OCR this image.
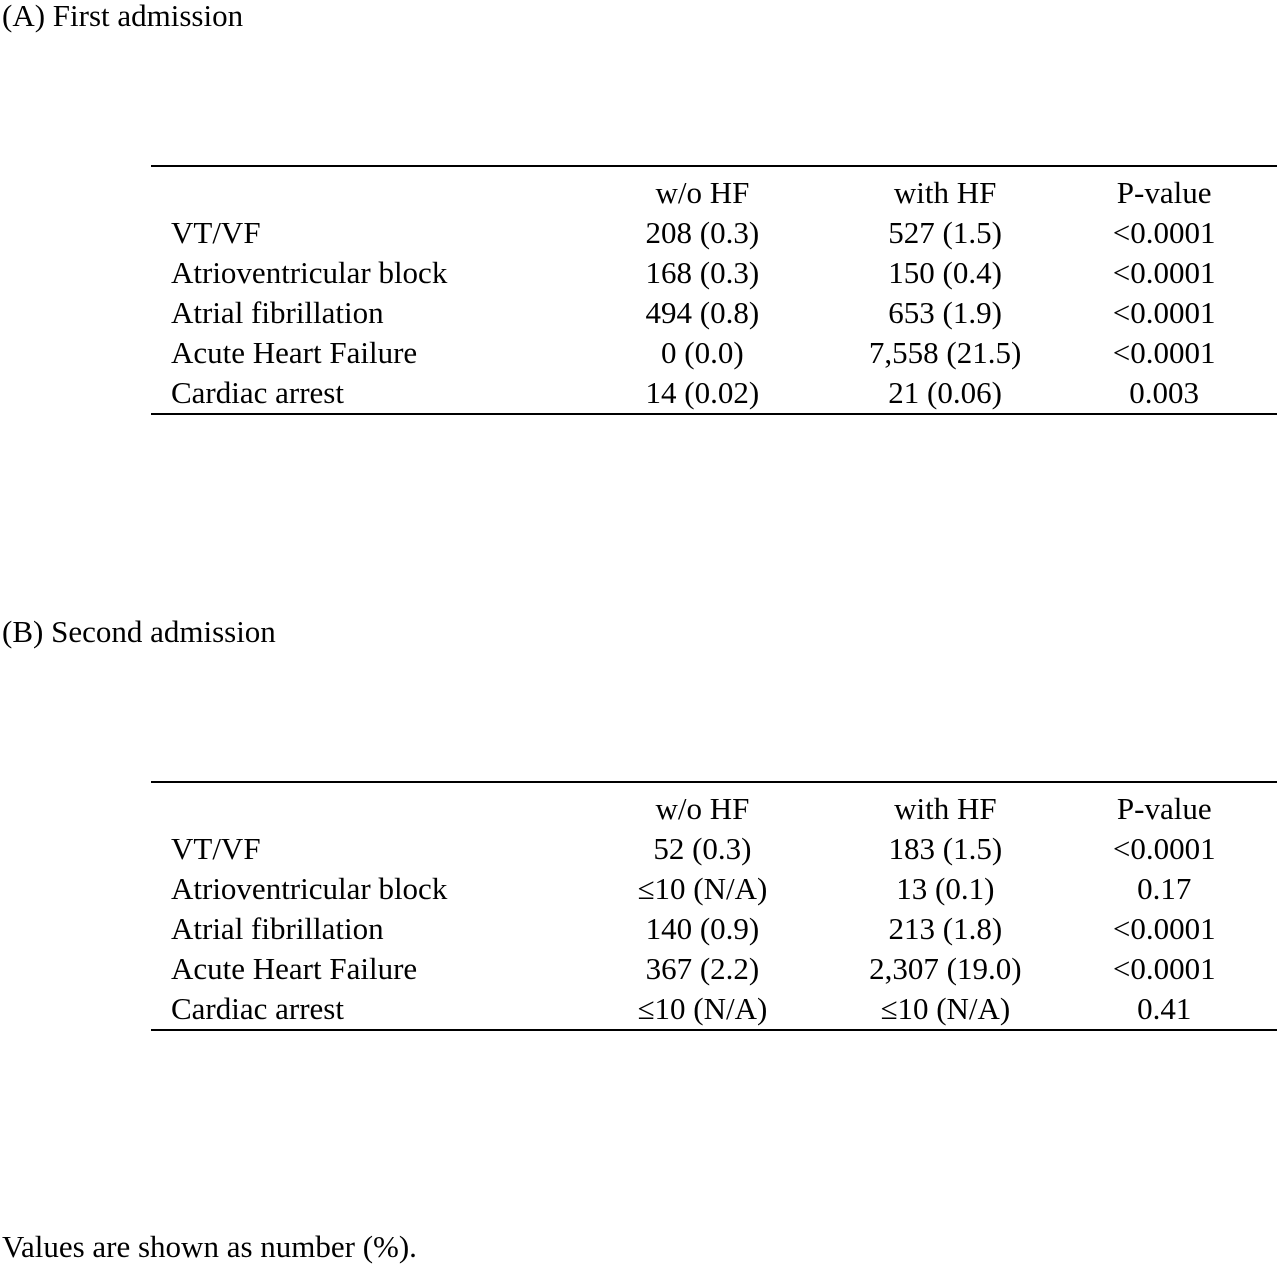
(A) First admission

	w/o HF	with HF	P-value
VT/VF	208 (0.3)	527 (1.5)	<0.0001
Atrioventricular block	168 (0.3)	150 (0.4)	<0.0001
Atrial fibrillation	494 (0.8)	653 (1.9)	<0.0001
Acute Heart Failure	0 (0.0)	7,558 (21.5)	<0.0001
Cardiac arrest	14 (0.02)	21 (0.06)	0.003
(B) Second admission

	w/o HF	with HF	P-value
VT/VF	52 (0.3)	183 (1.5)	<0.0001
Atrioventricular block	≤10 (N/A)	13 (0.1)	0.17
Atrial fibrillation	140 (0.9)	213 (1.8)	<0.0001
Acute Heart Failure	367 (2.2)	2,307 (19.0)	<0.0001
Cardiac arrest	≤10 (N/A)	≤10 (N/A)	0.41
Values are shown as number (%).
